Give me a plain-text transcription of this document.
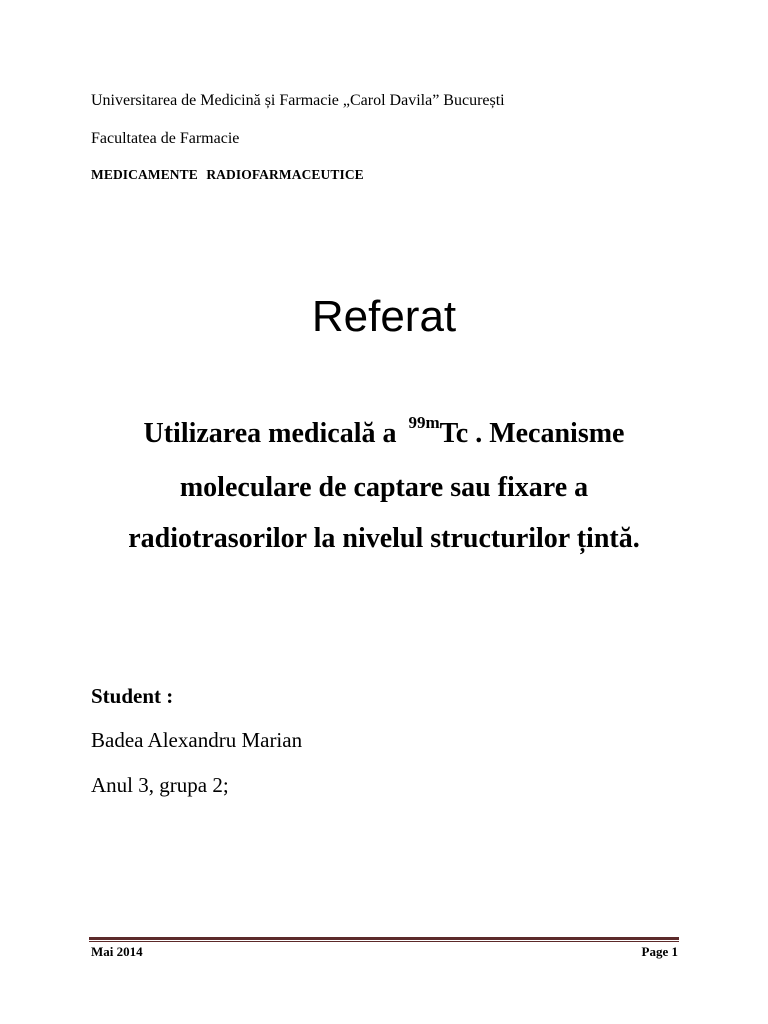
Universitarea de Medicină și Farmacie „Carol Davila” București
Facultatea de Farmacie
MEDICAMENTE RADIOFARMACEUTICE
Referat
Utilizarea medicală a $^{99m}$Tc . Mecanisme
moleculare de captare sau fixare a
radiotrasorilor la nivelul structurilor țintă.
Student :
Badea Alexandru Marian
Anul 3, grupa 2;
Mai 2014	Page 1
